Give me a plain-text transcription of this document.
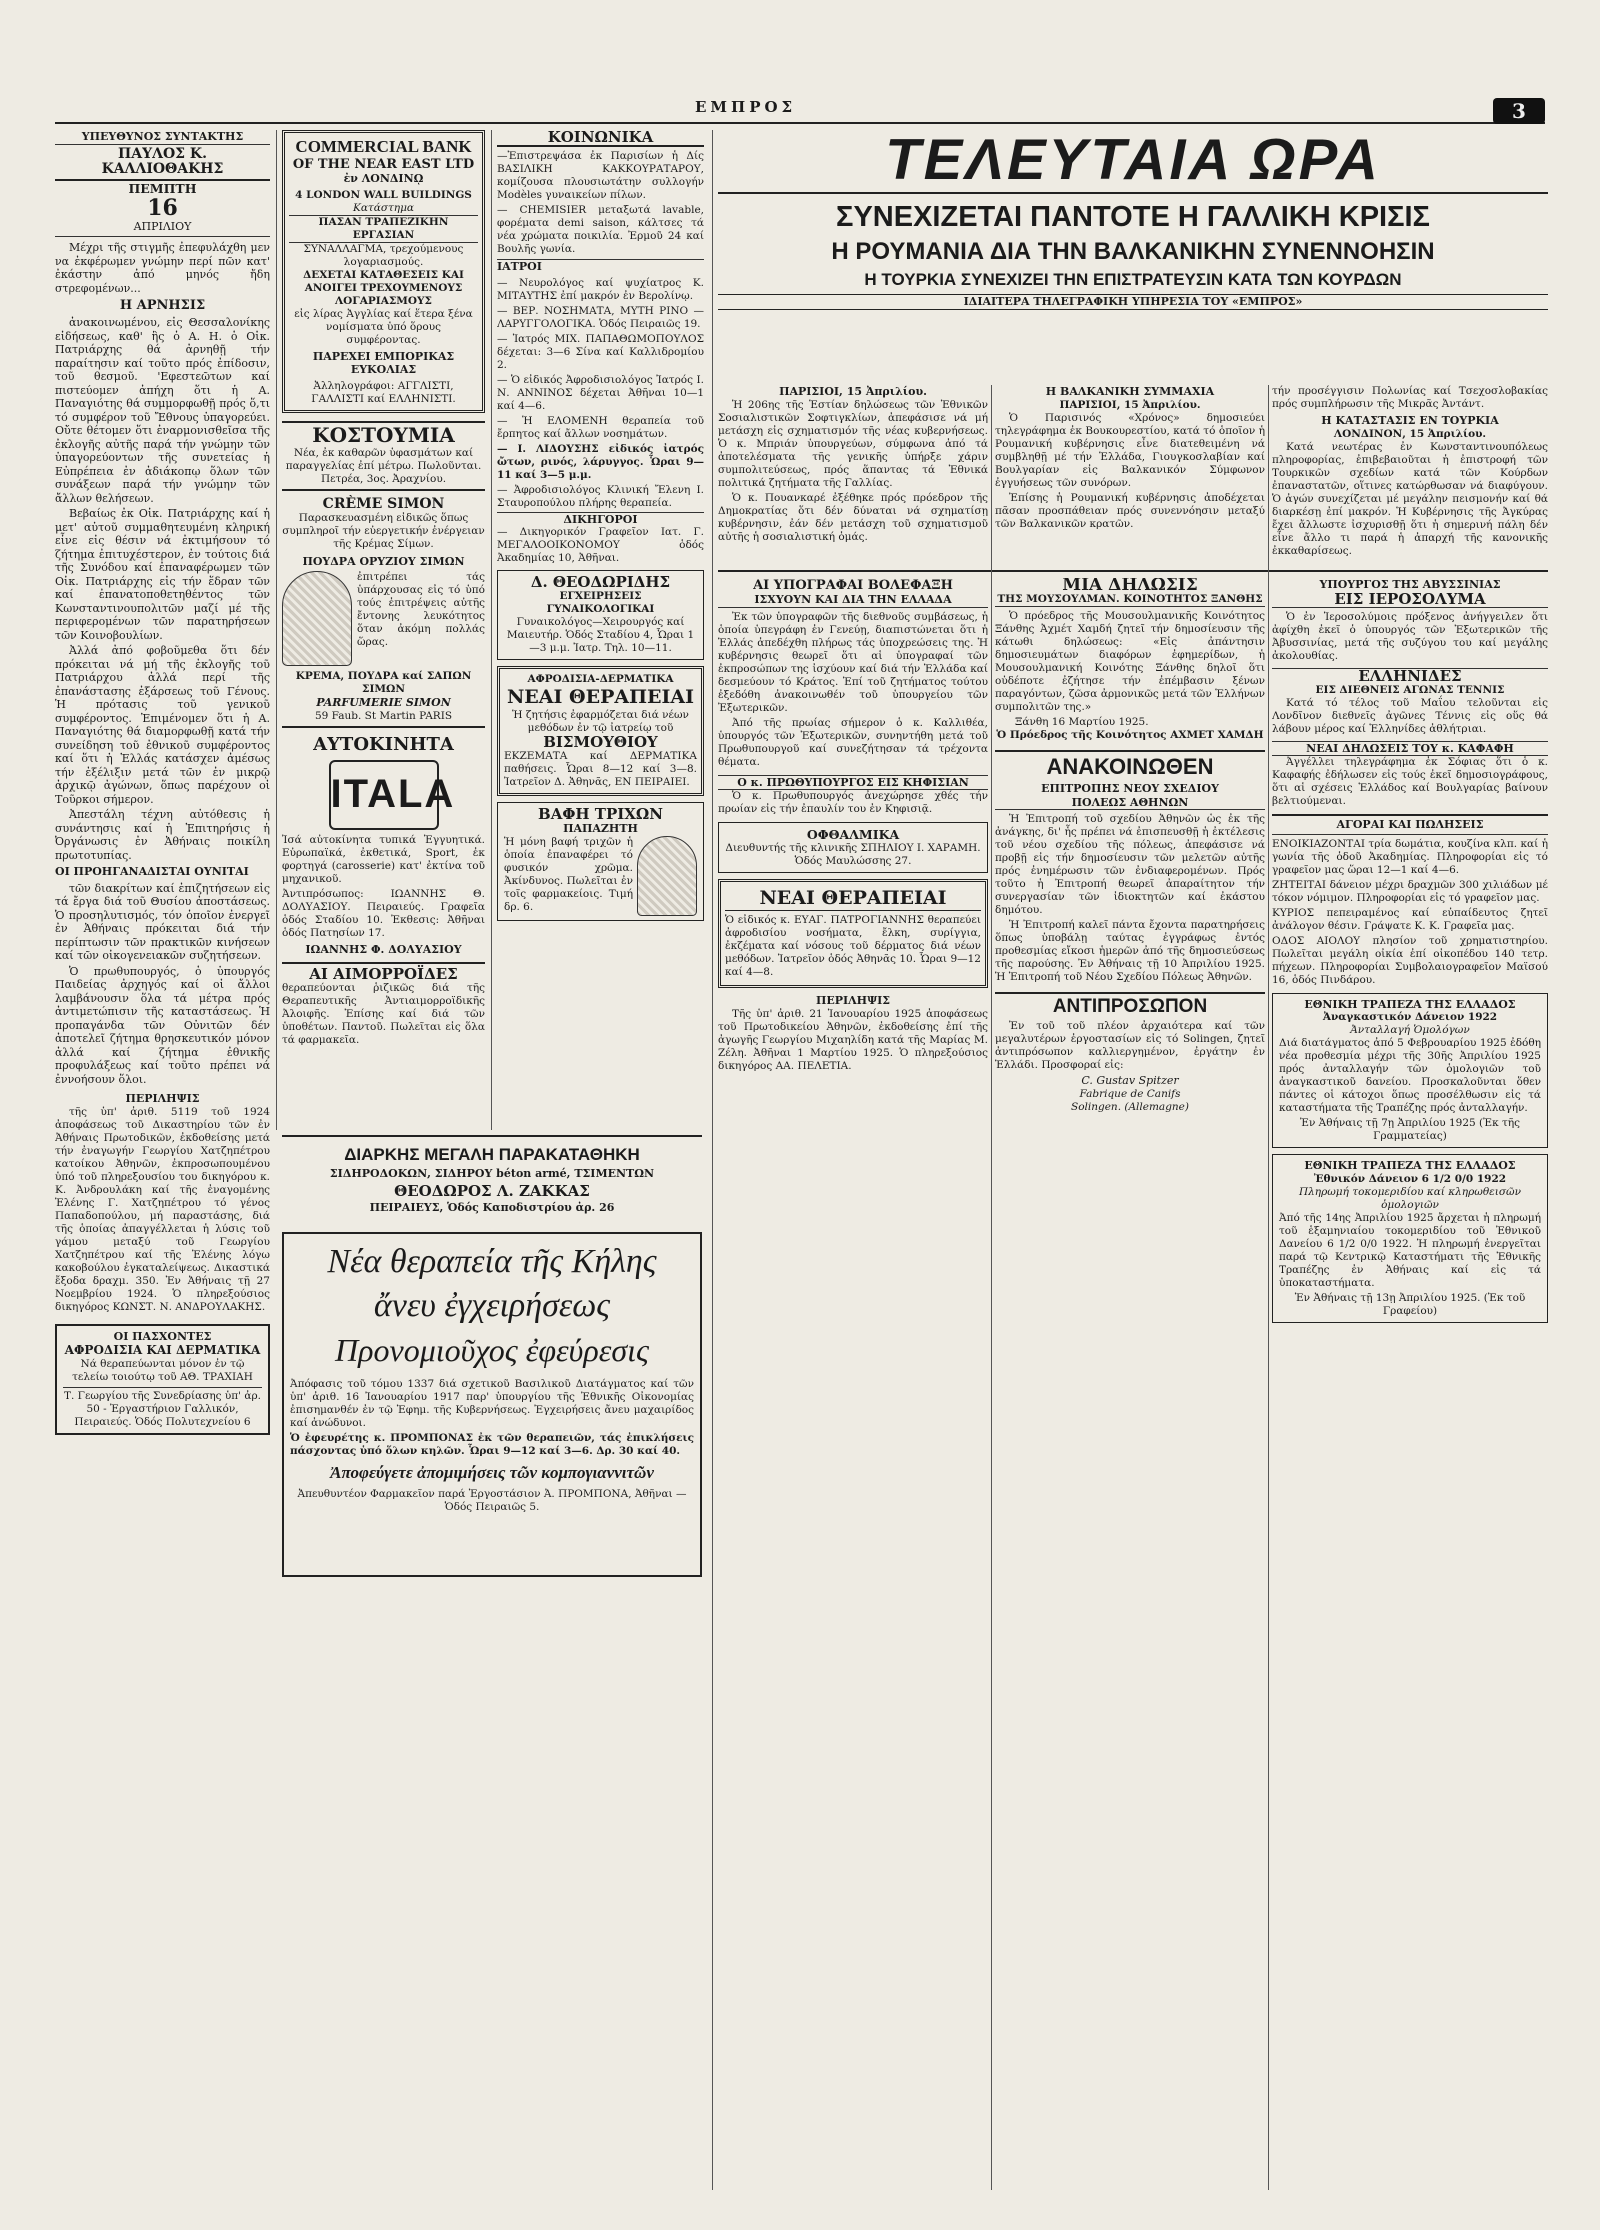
ΕΜΠΡΟΣ	3
ΥΠΕΥΘΥΝΟΣ ΣΥΝΤΑΚΤΗΣ
ΠΑΥΛΟΣ Κ. ΚΑΛΛΙΟΘΑΚΗΣ
ΠΕΜΠΤΗ
16
ΑΠΡΙΛΙΟΥ

Μέχρι τῆς στιγμῆς ἐπεφυλάχθη μεν να ἐκφέρωμεν γνώμην περί πῶν κατ' ἐκάστην ἀπό μηνός ἤδη στρεφομένων...

Η ΑΡΝΗΣΙΣ

ἀνακοινωμένου, εἰς Θεσσαλονίκης εἰδήσεως, καθ' ἣς ὁ Α. Η. ὁ Οἰκ. Πατριάρχης θά ἀρνηθῇ τήν παραίτησιν καί τοῦτο πρός ἐπίδοσιν, τοῦ θεσμοῦ. 'Εφεστεῶτων καί πιστεύομεν ἀπήχη ὅτι ἡ Α. Παναγιότης θά συμμορφωθῇ πρός ὅ,τι τό συμφέρον τοῦ Ἔθνους ὑπαγορεύει. Οὔτε θέτομεν ὅτι ἐναρμονισθεῖσα τῆς ἐκλογῆς αὐτῆς παρά τήν γνώμην τῶν ὑπαγορεύοντων τῆς συνετείας ἡ Εὐπρέπεια ἐν ἀδιάκοπῳ ὅλων τῶν συνάξεων παρά τήν γνώμην τῶν ἄλλων θελήσεων.

Βεβαίως ἐκ Οἰκ. Πατριάρχης καί ἡ μετ' αὐτοῦ συμμαθητευμένη κληρική εἶνε εἰς θέσιν νά ἐκτιμήσουν τό ζήτημα ἐπιτυχέστερον, ἐν τούτοις διά τῆς Συνόδου καί ἐπαναφέρωμεν τῶν Οἰκ. Πατριάρχης εἰς τήν ἕδραν τῶν καί ἐπανατοποθετηθέντος τῶν Κωνσταντινουπολιτῶν μαζί μέ τῆς περιφερομένων τῶν παρατηρήσεων τῶν Κοινοβουλίων.

Ἀλλά ἀπό φοβοῦμεθα ὅτι δέν πρόκειται νά μή τῆς ἐκλογῆς τοῦ Πατριάρχου ἀλλά περί τῆς ἐπανάστασης ἐξάρσεως τοῦ Γένους. Ἡ πρότασις τοῦ γενικοῦ συμφέροντος. Ἐπιμένομεν ὅτι ἡ Α. Παναγιότης θά διαμορφωθῇ κατά τήν συνείδηση τοῦ ἐθνικοῦ συμφέροντος καί ὅτι ἡ Ἑλλάς κατάσχεν ἀμέσως τήν ἐξέλιξιν μετά τῶν ἐν μικρῷ ἀρχικῷ ἀγώνων, ὅπως παρέχουν οἱ Τοῦρκοι σήμερον.

Ἀπεστάλη τέχνη αὐτόθεσις ἡ συνάντησις καί ἡ Ἑπιτηρήσις ἡ Ὀργάνωσις ἐν Ἀθήναις ποικίλη πρωτοτυπίας.

ΟΙ ΠΡΟΗΓΑΝΑΔΙΣΤΑΙ ΟΥΝΙΤΑΙ

τῶν διακρίτων καί ἐπιζητήσεων εἰς τά ἔργα διά τοῦ Θυσίου ἀποστάσεως. Ὁ προσηλυτισμός, τόν ὁποῖον ἐνεργεῖ ἐν Ἀθήναις πρόκειται διά τήν περίπτωσιν τῶν πρακτικῶν κινήσεων καί τῶν οἰκογενειακῶν συζητήσεων.

Ὁ πρωθυπουργός, ὁ ὑπουργός Παιδείας ἀρχηγός καί οἱ ἄλλοι λαμβάνουσιν ὅλα τά μέτρα πρός ἀντιμετώπισιν τῆς καταστάσεως. Ἡ προπαγάνδα τῶν Οὐνιτῶν δέν ἀποτελεῖ ζήτημα θρησκευτικόν μόνον ἀλλά καί ζήτημα ἐθνικῆς προφυλάξεως καί τοῦτο πρέπει νά ἐννοήσουν ὅλοι.

ΠΕΡΙΛΗΨΙΣ

τῆς ὑπ' ἀριθ. 5119 τοῦ 1924 ἀποφάσεως τοῦ Δικαστηρίου τῶν ἐν Ἀθήναις Πρωτοδικῶν, ἐκδοθείσης μετά τήν ἐναγωγήν Γεωργίου Χατζηπέτρου κατοίκου Ἀθηνῶν, ἐκπροσωπουμένου ὑπό τοῦ πληρεξουσίου του δικηγόρου κ. Κ. Ἀνδρουλάκη καί τῆς ἐναγομένης Ἑλένης Γ. Χατζηπέτρου τό γένος Παπαδοπούλου, μή παραστάσης, διά τῆς ὁποίας ἀπαγγέλλεται ἡ λύσις τοῦ γάμου μεταξύ τοῦ Γεωργίου Χατζηπέτρου καί τῆς Ἑλένης λόγω κακοβούλου ἐγκαταλείψεως. Δικαστικά ἔξοδα δραχμ. 350. Ἐν Ἀθήναις τῇ 27 Νοεμβρίου 1924. Ὁ πληρεξούσιος δικηγόρος ΚΩΝΣΤ. Ν. ΑΝΔΡΟΥΛΑΚΗΣ.

ΟΙ ΠΑΣΧΟΝΤΕΣ
ΑΦΡΟΔΙΣΙΑ ΚΑΙ ΔΕΡΜΑΤΙΚΑ
Νά θεραπεύωνται μόνον ἐν τῷ τελείω τοιούτῳ τοῦ ΑΘ. ΤΡΑΧΙΑΗ
Τ. Γεωργίου τῆς Συνεδρίασης ὑπ' ἀρ. 50 - Ἐργαστήριον Γαλλικόν, Πειραιεύς. Ὁδός Πολυτεχνείου 6
COMMERCIAL BANK
OF THE NEAR EAST LTD
ἐν ΛΟΝΔΙΝῼ
4 LONDON WALL BUILDINGS
Κατάστημα
ΠΑΣΑΝ ΤΡΑΠΕΖΙΚΗΝ ΕΡΓΑΣΙΑΝ
ΣΥΝΑΛΛΑΓΜΑ, τρεχούμενους λογαριασμούς.
ΔΕΧΕΤΑΙ ΚΑΤΑΘΕΣΕΙΣ ΚΑΙ ΑΝΟΙΓΕΙ ΤΡΕΧΟΥΜΕΝΟΥΣ ΛΟΓΑΡΙΑΣΜΟΥΣ
εἰς λίρας Ἀγγλίας καί ἕτερα ξένα νομίσματα ὑπό ὅρους συμφέροντας.
ΠΑΡΕΧΕΙ ΕΜΠΟΡΙΚΑΣ ΕΥΚΟΛΙΑΣ
Ἀλληλογράφοι: ΑΓΓΛΙΣΤΙ, ΓΑΛΛΙΣΤΙ καί ΕΛΛΗΝΙΣΤΙ.
ΚΟΣΤΟΥΜΙΑ
Νέα, ἐκ καθαρῶν ὑφασμάτων καί παραγγελίας ἐπί μέτρω. Πωλοῦνται. Πετρέα, 3ος. Ἀραχνίου.
CRÈME SIMON
Παρασκευασμένη εἰδικῶς ὅπως συμπληροῖ τήν εὐεργετικήν ἐνέργειαν τῆς Κρέμας Σίμων.
ΠΟΥΔΡΑ ΟΡΥΖΙΟΥ ΣΙΜΩΝ
ἐπιτρέπει τάς ὑπάρχουσας εἰς τό ὑπό τούς ἐπιτρέψεις αὐτῆς ἔντονης λευκότητος ὅταν ἀκόμη πολλάς ὥρας.
ΚΡΕΜΑ, ΠΟΥΔΡΑ καί ΣΑΠΩΝ ΣΙΜΩΝ
PARFUMERIE SIMON
59 Faub. St Martin PARIS
ΑΥΤΟΚΙΝΗΤΑ
ITALA

Ἰσά αὐτοκίνητα τυπικά Ἐγγυητικά. Εὐρωπαϊκά, ἐκθετικά, Sport, ἐκ φορτηγά (carosserie) κατ' ἐκτίνα τοῦ μηχανικοῦ.

Ἀντιπρόσωπος: ΙΩΑΝΝΗΣ Θ. ΔΟΛΥΑΣΙΟΥ. Πειραιεύς. Γραφεῖα ὁδός Σταδίου 10. Ἐκθεσις: Ἀθῆναι ὁδός Πατησίων 17.

ΙΩΑΝΝΗΣ Φ. ΔΟΛΥΑΣΙΟΥ
ΑΙ ΑΙΜΟΡΡΟΪΔΕΣ

θεραπεύονται ῥιζικῶς διά τῆς Θεραπευτικῆς Ἀντιαιμορροϊδικῆς Ἀλοιφῆς. Ἐπίσης καί διά τῶν ὑποθέτων. Παντοῦ. Πωλεῖται εἰς ὅλα τά φαρμακεῖα.

ΚΟΙΝΩΝΙΚΑ

—Ἐπιστρεψάσα ἐκ Παρισίων ἡ Δίς ΒΑΣΙΛΙΚΗ ΚΑΚΚΟΥΡΑΤΑΡΟΥ, κομίζουσα πλουσιωτάτην συλλογήν Modèles γυναικείων πίλων.

— CHEMISIER μεταξωτά lavable, φορέματα demi saison, κάλτσες τά νέα χρώματα ποικιλία. Ἐρμοῦ 24 καί Βουλῆς γωνία.

ΙΑΤΡΟΙ

— Νευρολόγος καί ψυχίατρος Κ. ΜΙΤΑΥΤΗΣ ἐπί μακρόν ἐν Βερολίνῳ.

— ΒΕΡ. ΝΟΣΗΜΑΤΑ, ΜΥΤΗ ΡΙΝΟ — ΛΑΡΥΓΓΟΛΟΓΙΚΑ. Ὁδός Πειραιῶς 19.

— Ἰατρός ΜΙΧ. ΠΑΠΑΘΩΜΟΠΟΥΛΟΣ δέχεται: 3—6 Σίνα καί Καλλιδρομίου 2.

— Ὁ εἰδικός Ἀφροδισιολόγος Ἰατρός Ι. Ν. ΑΝΝΙΝΟΣ δέχεται Ἀθῆναι 10—1 καί 4—6.

— Ἡ ΕΛΟΜΕΝΗ θεραπεία τοῦ ἔρπητος καί ἄλλων νοσημάτων.

— Ι. ΛΙΔΟΥΣΗΣ εἰδικός ἰατρός ὤτων, ρινός, λάρυγγος. Ὧραι 9—11 καί 3—5 μ.μ.

— Ἀφροδισιολόγος Κλινική Ἔλενη Ι. Σταυροπούλου πλήρης θεραπεία.

ΔΙΚΗΓΟΡΟΙ

— Δικηγορικόν Γραφεῖον Ιατ. Γ. ΜΕΓΑΛΟΟΙΚΟΝΟΜΟΥ ὁδός Ἀκαδημίας 10, Ἀθῆναι.

Δ. ΘΕΟΔΩΡΙΔΗΣ
ΕΓΧΕΙΡΗΣΕΙΣ ΓΥΝΑΙΚΟΛΟΓΙΚΑΙ
Γυναικολόγος—Χειρουργός καί Μαιευτήρ. Ὁδός Σταδίου 4, Ὧραι 1—3 μ.μ. Ἰατρ. Τηλ. 10—11.
ΑΦΡΟΔΙΣΙΑ-ΔΕΡΜΑΤΙΚΑ
ΝΕΑΙ ΘΕΡΑΠΕΙΑΙ
Ἡ ζητήσις ἐφαρμόζεται διά νέων μεθόδων ἐν τῷ ἰατρείῳ τοῦ
ΒΙΣΜΟΥΘΙΟΥ
ΕΚΖΕΜΑΤΑ καί ΔΕΡΜΑΤΙΚΑ παθήσεις. Ὧραι 8—12 καί 3—8. Ἰατρεῖον Δ. Ἀθηνᾶς, ΕΝ ΠΕΙΡΑΙΕΙ.
ΒΑΦΗ ΤΡΙΧΩΝ
ΠΑΠΑΖΗΤΗ
Ἡ μόνη βαφή τριχῶν ἡ ὁποία ἐπαναφέρει τό φυσικόν χρῶμα. Ἀκίνδυνος. Πωλεῖται ἐν τοῖς φαρμακείοις. Τιμή δρ. 6.
ΔΙΑΡΚΗΣ ΜΕΓΑΛΗ ΠΑΡΑΚΑΤΑΘΗΚΗ
ΣΙΔΗΡΟΔΟΚΩΝ, ΣΙΔΗΡΟΥ béton armé, ΤΣΙΜΕΝΤΩΝ
ΘΕΟΔΩΡΟΣ Λ. ΖΑΚΚΑΣ
ΠΕΙΡΑΙΕΥΣ, Ὁδός Καποδιστρίου ἀρ. 26
Νέα θεραπεία τῆς Κήλης
ἄνευ ἐγχειρήσεως
Προνομιοῦχος ἐφεύρεσις

Ἀπόφασις τοῦ τόμου 1337 διά σχετικοῦ Βασιλικοῦ Διατάγματος καί τῶν ὑπ' ἀριθ. 16 Ἰανουαρίου 1917 παρ' ὑπουργίου τῆς Ἐθνικῆς Οἰκονομίας ἐπισημανθέν ἐν τῷ Ἐφημ. τῆς Κυβερνήσεως. Ἐγχειρήσεις ἄνευ μαχαιρίδος καί ἀνώδυνοι.

Ὁ ἐφευρέτης κ. ΠΡΟΜΠΟΝΑΣ ἐκ τῶν θεραπειῶν, τάς ἐπικλήσεις πάσχοντας ὑπό ὅλων κηλῶν. Ὧραι 9—12 καί 3—6. Δρ. 30 καί 40.

Ἀποφεύγετε ἀπομιμήσεις τῶν κομπογιαννιτῶν
Ἀπευθυντέον Φαρμακεῖον παρά Ἐργοστάσιον Ἀ. ΠΡΟΜΠΟΝΑ, Ἀθῆναι — Ὁδός Πειραιῶς 5.
ΤΕΛΕΥΤΑΙΑ ΩΡΑ
ΣΥΝΕΧΙΖΕΤΑΙ ΠΑΝΤΟΤΕ Η ΓΑΛΛΙΚΗ ΚΡΙΣΙΣ
Η ΡΟΥΜΑΝΙΑ ΔΙΑ ΤΗΝ ΒΑΛΚΑΝΙΚΗΝ ΣΥΝΕΝΝΟΗΣΙΝ
Η ΤΟΥΡΚΙΑ ΣΥΝΕΧΙΖΕΙ ΤΗΝ ΕΠΙΣΤΡΑΤΕΥΣΙΝ ΚΑΤΑ ΤΩΝ ΚΟΥΡΔΩΝ
ΙΔΙΑΙΤΕΡΑ ΤΗΛΕΓΡΑΦΙΚΗ ΥΠΗΡΕΣΙΑ ΤΟΥ «ΕΜΠΡΟΣ»
ΠΑΡΙΣΙΟΙ, 15 Ἀπριλίου.

Ἡ 206ης τῆς Ἑστίαν δηλώσεως τῶν Ἐθνικῶν Σοσιαλιστικῶν Σοφτιγκλίων, ἀπεφάσισε νά μή μετάσχη εἰς σχηματισμόν τῆς νέας κυβερνήσεως. Ὁ κ. Μπριάν ὑπουργεύων, σύμφωνα ἀπό τά ἀποτελέσματα τῆς γενικῆς ὑπήρξε χάριν συμπολιτεύσεως, πρός ἅπαντας τά Ἐθνικά πολιτικά ζητήματα τῆς Γαλλίας.

Ὁ κ. Πουανκαρέ ἐξέθηκε πρός πρόεδρον τῆς Δημοκρατίας ὅτι δέν δύναται νά σχηματίσῃ κυβέρνησιν, ἐάν δέν μετάσχη τοῦ σχηματισμοῦ αὐτῆς ἡ σοσιαλιστική ὁμάς.

Η ΒΑΛΚΑΝΙΚΗ ΣΥΜΜΑΧΙΑ
ΠΑΡΙΣΙΟΙ, 15 Ἀπριλίου.

Ὁ Παρισινός «Χρόνος» δημοσιεύει τηλεγράφημα ἐκ Βουκουρεστίου, κατά τό ὁποῖον ἡ Ρουμανική κυβέρνησις εἶνε διατεθειμένη νά συμβληθῇ μέ τήν Ἑλλάδα, Γιουγκοσλαβίαν καί Βουλγαρίαν εἰς Βαλκανικόν Σύμφωνον ἐγγυήσεως τῶν συνόρων.

Ἐπίσης ἡ Ρουμανική κυβέρνησις ἀποδέχεται πᾶσαν προσπάθειαν πρός συνεννόησιν μεταξύ τῶν Βαλκανικῶν κρατῶν.

τήν προσέγγισιν Πολωνίας καί Τσεχοσλοβακίας πρός συμπλήρωσιν τῆς Μικρᾶς Ἀντάντ.

Η ΚΑΤΑΣΤΑΣΙΣ ΕΝ ΤΟΥΡΚΙΑ
ΛΟΝΔΙΝΟΝ, 15 Ἀπριλίου.

Κατά νεωτέρας ἐν Κωνσταντινουπόλεως πληροφορίας, ἐπιβεβαιοῦται ἡ ἐπιστροφή τῶν Τουρκικῶν σχεδίων κατά τῶν Κούρδων ἐπαναστατῶν, οἵτινες κατώρθωσαν νά διαφύγουν. Ὁ ἀγών συνεχίζεται μέ μεγάλην πεισμονήν καί θά διαρκέσῃ ἐπί μακρόν. Ἡ Κυβέρνησις τῆς Ἀγκύρας ἔχει ἄλλωστε ἰσχυρισθῇ ὅτι ἡ σημερινή πάλη δέν εἶνε ἄλλο τι παρά ἡ ἀπαρχή τῆς κανονικῆς ἐκκαθαρίσεως.

ΑΙ ΥΠΟΓΡΑΦΑΙ ΒΟΛΕΦΑΞΗ
ΙΣΧΥΟΥΝ ΚΑΙ ΔΙΑ ΤΗΝ ΕΛΛΑΔΑ

Ἐκ τῶν ὑπογραφῶν τῆς διεθνοῦς συμβάσεως, ἡ ὁποία ὑπεγράφη ἐν Γενεύῃ, διαπιστώνεται ὅτι ἡ Ἑλλάς ἀπεδέχθη πλήρως τάς ὑποχρεώσεις της. Ἡ κυβέρνησις θεωρεῖ ὅτι αἱ ὑπογραφαί τῶν ἐκπροσώπων της ἰσχύουν καί διά τήν Ἑλλάδα καί δεσμεύουν τό Κράτος. Ἐπί τοῦ ζητήματος τούτου ἐξεδόθη ἀνακοινωθέν τοῦ ὑπουργείου τῶν Ἐξωτερικῶν.

Ἀπό τῆς πρωίας σήμερον ὁ κ. Καλλιθέα, ὑπουργός τῶν Ἐξωτερικῶν, συνηντήθη μετά τοῦ Πρωθυπουργοῦ καί συνεζήτησαν τά τρέχοντα θέματα.

Ο κ. ΠΡΩΘΥΠΟΥΡΓΟΣ ΕΙΣ ΚΗΦΙΣΙΑΝ

Ὁ κ. Πρωθυπουργός ἀνεχώρησε χθές τήν πρωίαν εἰς τήν ἐπαυλίν του ἐν Κηφισιᾷ.

ΟΦΘΑΛΜΙΚΑ
Διευθυντής τῆς κλινικῆς ΣΠΗΛΙΟΥ Ι. ΧΑΡΑΜΗ. Ὁδός Μαυλώσσης 27.
ΝΕΑΙ ΘΕΡΑΠΕΙΑΙ

Ὁ εἰδικός κ. ΕΥΑΓ. ΠΑΤΡΟΓΙΑΝΝΗΣ θεραπεύει ἀφροδισίου νοσήματα, ἔλκη, συρίγγια, ἐκζέματα καί νόσους τοῦ δέρματος διά νέων μεθόδων. Ἰατρεῖον ὁδός Ἀθηνᾶς 10. Ὧραι 9—12 καί 4—8.

ΠΕΡΙΛΗΨΙΣ

Τῆς ὑπ' ἀριθ. 21 Ἰανουαρίου 1925 ἀποφάσεως τοῦ Πρωτοδικείου Ἀθηνῶν, ἐκδοθείσης ἐπί τῆς ἀγωγῆς Γεωργίου Μιχαηλίδη κατά τῆς Μαρίας Μ. Ζέλη. Ἀθῆναι 1 Μαρτίου 1925. Ὁ πληρεξούσιος δικηγόρος ΑΑ. ΠΕΛΕΤΙΑ.

ΜΙΑ ΔΗΛΩΣΙΣ
ΤΗΣ ΜΟΥΣΟΥΛΜΑΝ. ΚΟΙΝΟΤΗΤΟΣ ΞΑΝΘΗΣ

Ὁ πρόεδρος τῆς Μουσουλμανικῆς Κοινότητος Ξάνθης Ἀχμέτ Χαμδή ζητεῖ τήν δημοσίευσιν τῆς κάτωθι δηλώσεως: «Εἰς ἀπάντησιν δημοσιευμάτων διαφόρων ἐφημερίδων, ἡ Μουσουλμανική Κοινότης Ξάνθης δηλοῖ ὅτι οὐδέποτε ἐζήτησε τήν ἐπέμβασιν ξένων παραγόντων, ζῶσα ἀρμονικῶς μετά τῶν Ἑλλήνων συμπολιτῶν της.»

Ξάνθη 16 Μαρτίου 1925.
Ὁ Πρόεδρος τῆς Κοινότητος ΑΧΜΕΤ ΧΑΜΔΗ
ΑΝΑΚΟΙΝΩΘΕΝ
ΕΠΙΤΡΟΠΗΣ ΝΕΟΥ ΣΧΕΔΙΟΥ
ΠΟΛΕΩΣ ΑΘΗΝΩΝ

Ἡ Ἐπιτροπή τοῦ σχεδίου Ἀθηνῶν ὡς ἐκ τῆς ἀνάγκης, δι' ἧς πρέπει νά ἐπισπευσθῇ ἡ ἐκτέλεσις τοῦ νέου σχεδίου τῆς πόλεως, ἀπεφάσισε νά προβῇ εἰς τήν δημοσίευσιν τῶν μελετῶν αὐτῆς πρός ἐνημέρωσιν τῶν ἐνδιαφερομένων. Πρός τοῦτο ἡ Ἐπιτροπή θεωρεῖ ἀπαραίτητον τήν συνεργασίαν τῶν ἰδιοκτητῶν καί ἐκάστου δημότου.

Ἡ Ἐπιτροπή καλεῖ πάντα ἔχοντα παρατηρήσεις ὅπως ὑποβάλῃ ταύτας ἐγγράφως ἐντός προθεσμίας εἴκοσι ἡμερῶν ἀπό τῆς δημοσιεύσεως τῆς παρούσης. Ἐν Ἀθήναις τῇ 10 Ἀπριλίου 1925. Ἡ Ἐπιτροπή τοῦ Νέου Σχεδίου Πόλεως Ἀθηνῶν.

ΑΝΤΙΠΡΟΣΩΠΟΝ

Ἐν τοῦ τοῦ πλέον ἀρχαιότερα καί τῶν μεγαλυτέρων ἐργοστασίων εἰς τό Solingen, ζητεῖ ἀντιπρόσωπον καλλιεργημένον, ἐργάτην ἐν Ἑλλάδι. Προσφοραί εἰς:

C. Gustav Spitzer
Fabrique de Canifs
Solingen. (Allemagne)
ΥΠΟΥΡΓΟΣ ΤΗΣ ΑΒΥΣΣΙΝΙΑΣ
ΕΙΣ ΙΕΡΟΣΟΛΥΜΑ

Ὁ ἐν Ἱεροσολύμοις πρόξενος ἀνήγγειλεν ὅτι ἀφίχθη ἐκεῖ ὁ ὑπουργός τῶν Ἐξωτερικῶν τῆς Ἀβυσσινίας, μετά τῆς συζύγου του καί μεγάλης ἀκολουθίας.

ΕΛΛΗΝΙΔΕΣ
ΕΙΣ ΔΙΕΘΝΕΙΣ ΑΓΩΝΑΣ ΤΕΝΝΙΣ

Κατά τό τέλος τοῦ Μαΐου τελοῦνται εἰς Λονδῖνον διεθνεῖς ἀγῶνες Τέννις εἰς οὕς θά λάβουν μέρος καί Ἑλληνίδες ἀθλήτριαι.

ΝΕΑΙ ΔΗΛΩΣΕΙΣ ΤΟΥ κ. ΚΑΦΑΦΗ

Ἀγγέλλει τηλεγράφημα ἐκ Σόφιας ὅτι ὁ κ. Καφαφής ἐδήλωσεν εἰς τούς ἐκεῖ δημοσιογράφους, ὅτι αἱ σχέσεις Ἑλλάδος καί Βουλγαρίας βαίνουν βελτιούμεναι.

ΑΓΟΡΑΙ ΚΑΙ ΠΩΛΗΣΕΙΣ

ΕΝΟΙΚΙΑΖΟΝΤΑΙ τρία δωμάτια, κουζίνα κλπ. καί ἡ γωνία τῆς ὁδοῦ Ἀκαδημίας. Πληροφορίαι εἰς τό γραφεῖον μας ὥραι 12—1 καί 4—6.

ΖΗΤΕΙΤΑΙ δάνειον μέχρι δραχμῶν 300 χιλιάδων μέ τόκον νόμιμον. Πληροφορίαι εἰς τό γραφεῖον μας.

ΚΥΡΙΟΣ πεπειραμένος καί εὐπαίδευτος ζητεῖ ἀνάλογον θέσιν. Γράψατε Κ. Κ. Γραφεῖα μας.

ΟΔΟΣ ΑΙΟΛΟΥ πλησίον τοῦ χρηματιστηρίου. Πωλεῖται μεγάλη οἰκία ἐπί οἰκοπέδου 140 τετρ. πήχεων. Πληροφορίαι Συμβολαιογραφεῖον Μαϊσού 16, ὁδός Πινδάρου.

ΕΘΝΙΚΗ ΤΡΑΠΕΖΑ ΤΗΣ ΕΛΛΑΔΟΣ
Ἀναγκαστικόν Δάνειον 1922
Ἀνταλλαγή Ὁμολόγων

Διά διατάγματος ἀπό 5 Φεβρουαρίου 1925 ἐδόθη νέα προθεσμία μέχρι τῆς 30ῆς Ἀπριλίου 1925 πρός ἀνταλλαγήν τῶν ὁμολογιῶν τοῦ ἀναγκαστικοῦ δανείου. Προσκαλοῦνται ὅθεν πάντες οἱ κάτοχοι ὅπως προσέλθωσιν εἰς τά καταστήματα τῆς Τραπέζης πρός ἀνταλλαγήν.

Ἐν Ἀθήναις τῇ 7ῃ Ἀπριλίου 1925 (Ἐκ τῆς Γραμματείας)
ΕΘΝΙΚΗ ΤΡΑΠΕΖΑ ΤΗΣ ΕΛΛΑΔΟΣ
Ἐθνικόν Δάνειον 6 1/2 0/0 1922
Πληρωμή τοκομεριδίου καί κληρωθεισῶν ὁμολογιῶν

Ἀπό τῆς 14ης Ἀπριλίου 1925 ἄρχεται ἡ πληρωμή τοῦ ἑξαμηνιαίου τοκομεριδίου τοῦ Ἐθνικοῦ Δανείου 6 1/2 0/0 1922. Ἡ πληρωμή ἐνεργεῖται παρά τῷ Κεντρικῷ Καταστήματι τῆς Ἐθνικῆς Τραπέζης ἐν Ἀθήναις καί εἰς τά ὑποκαταστήματα.

Ἐν Ἀθήναις τῇ 13ῃ Ἀπριλίου 1925. (Ἐκ τοῦ Γραφείου)
